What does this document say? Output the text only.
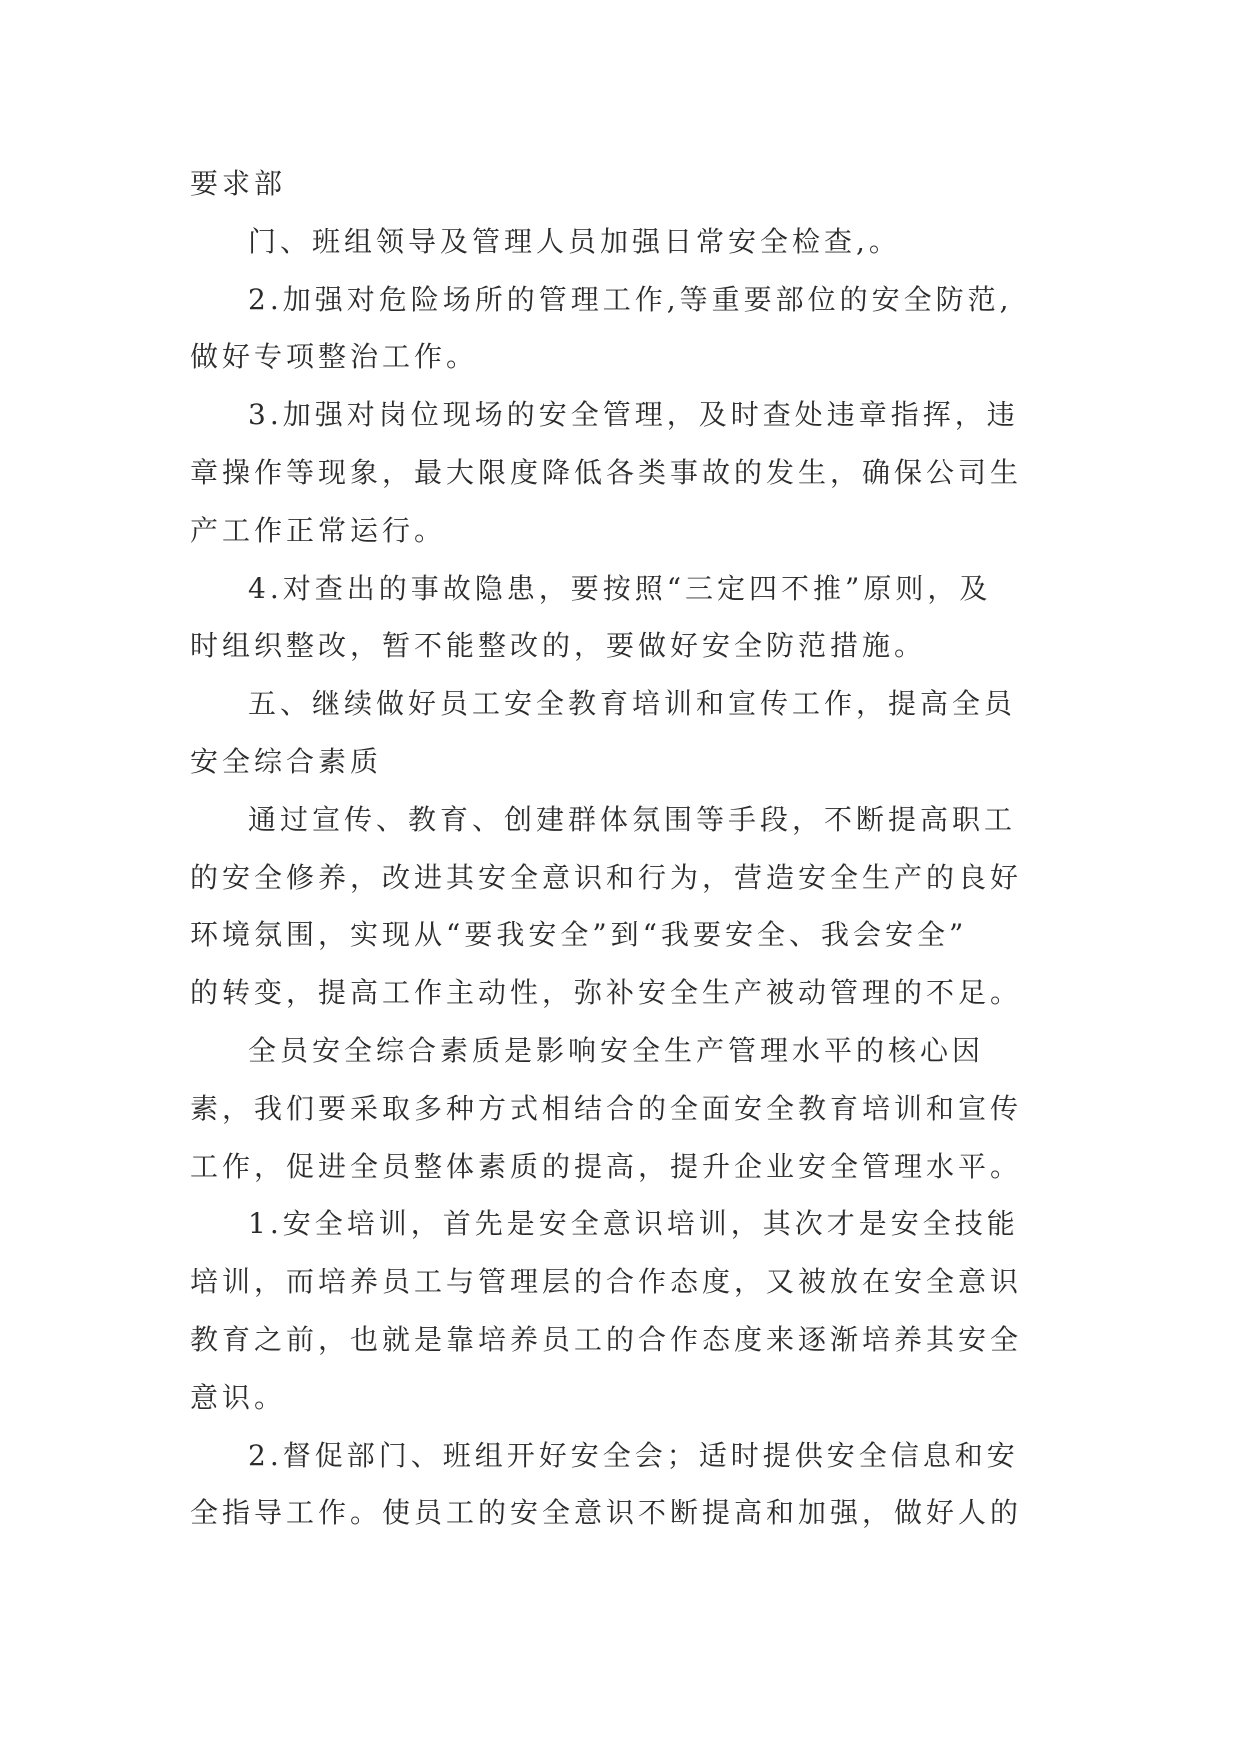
要求部
门、班组领导及管理人员加强日常安全检查,。
2.加强对危险场所的管理工作,等重要部位的安全防范,
做好专项整治工作。
3.加强对岗位现场的安全管理，及时查处违章指挥，违
章操作等现象，最大限度降低各类事故的发生，确保公司生
产工作正常运行。
4.对查出的事故隐患，要按照“三定四不推”原则，及
时组织整改，暂不能整改的，要做好安全防范措施。
五、继续做好员工安全教育培训和宣传工作，提高全员
安全综合素质
通过宣传、教育、创建群体氛围等手段，不断提高职工
的安全修养，改进其安全意识和行为，营造安全生产的良好
环境氛围，实现从“要我安全”到“我要安全、我会安全”
的转变，提高工作主动性，弥补安全生产被动管理的不足。
全员安全综合素质是影响安全生产管理水平的核心因
素，我们要采取多种方式相结合的全面安全教育培训和宣传
工作，促进全员整体素质的提高，提升企业安全管理水平。
1.安全培训，首先是安全意识培训，其次才是安全技能
培训，而培养员工与管理层的合作态度，又被放在安全意识
教育之前，也就是靠培养员工的合作态度来逐渐培养其安全
意识。
2.督促部门、班组开好安全会；适时提供安全信息和安
全指导工作。使员工的安全意识不断提高和加强，做好人的
